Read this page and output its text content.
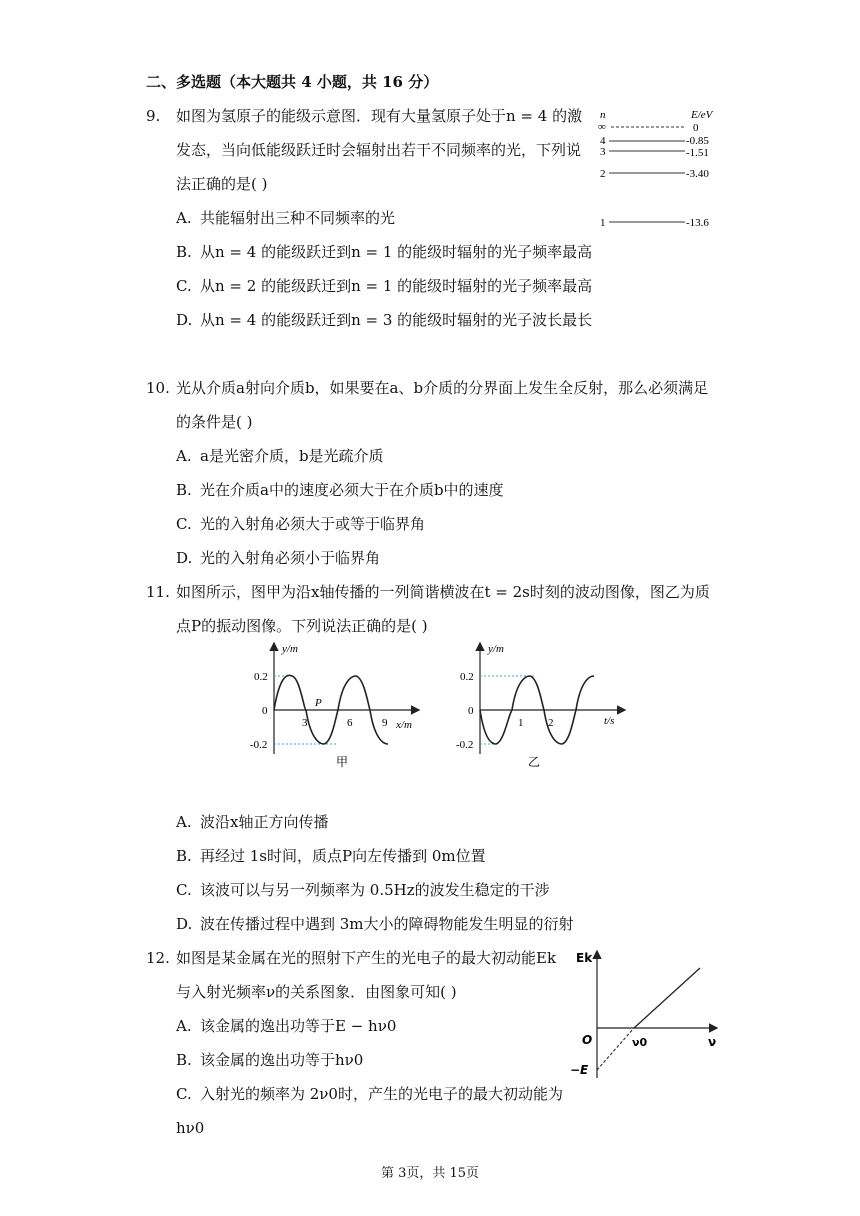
二、多选题（本大题共 4 小题，共 16 分）
9. 如图为氢原子的能级示意图．现有大量氢原子处于n = 4 的激
发态，当向低能级跃迁时会辐射出若干不同频率的光，下列说
法正确的是( )
A. 共能辐射出三种不同频率的光
B. 从n = 4 的能级跃迁到n = 1 的能级时辐射的光子频率最高
C. 从n = 2 的能级跃迁到n = 1 的能级时辐射的光子频率最高
D. 从n = 4 的能级跃迁到n = 3 的能级时辐射的光子波长最长
n	E/eV
∞	0
4	-0.85
3	-1.51
2	-3.40
1	-13.6
10. 光从介质a射向介质b，如果要在a、b介质的分界面上发生全反射，那么必须满足
的条件是( )
A. a是光密介质，b是光疏介质
B. 光在介质a中的速度必须大于在介质b中的速度
C. 光的入射角必须大于或等于临界角
D. 光的入射角必须小于临界角
11. 如图所示，图甲为沿x轴传播的一列简谐横波在t = 2s时刻的波动图像，图乙为质
点P的振动图像。下列说法正确的是( )
y/m
x/m
0.2
-0.2
0
P
3	6	9
甲
y/m
t/s
0.2
-0.2
0
1 2
乙
A. 波沿x轴正方向传播
B. 再经过 1s时间，质点P向左传播到 0m位置
C. 该波可以与另一列频率为 0.5Hz的波发生稳定的干涉
D. 波在传播过程中遇到 3m大小的障碍物能发生明显的衍射
12. 如图是某金属在光的照射下产生的光电子的最大初动能Ek
与入射光频率ν的关系图象．由图象可知( )
A. 该金属的逸出功等于E − hν0
B. 该金属的逸出功等于hν0
C. 入射光的频率为 2ν0时，产生的光电子的最大初动能为
hν0
Ek
ν
O	ν0
−E
第 3页，共 15页
